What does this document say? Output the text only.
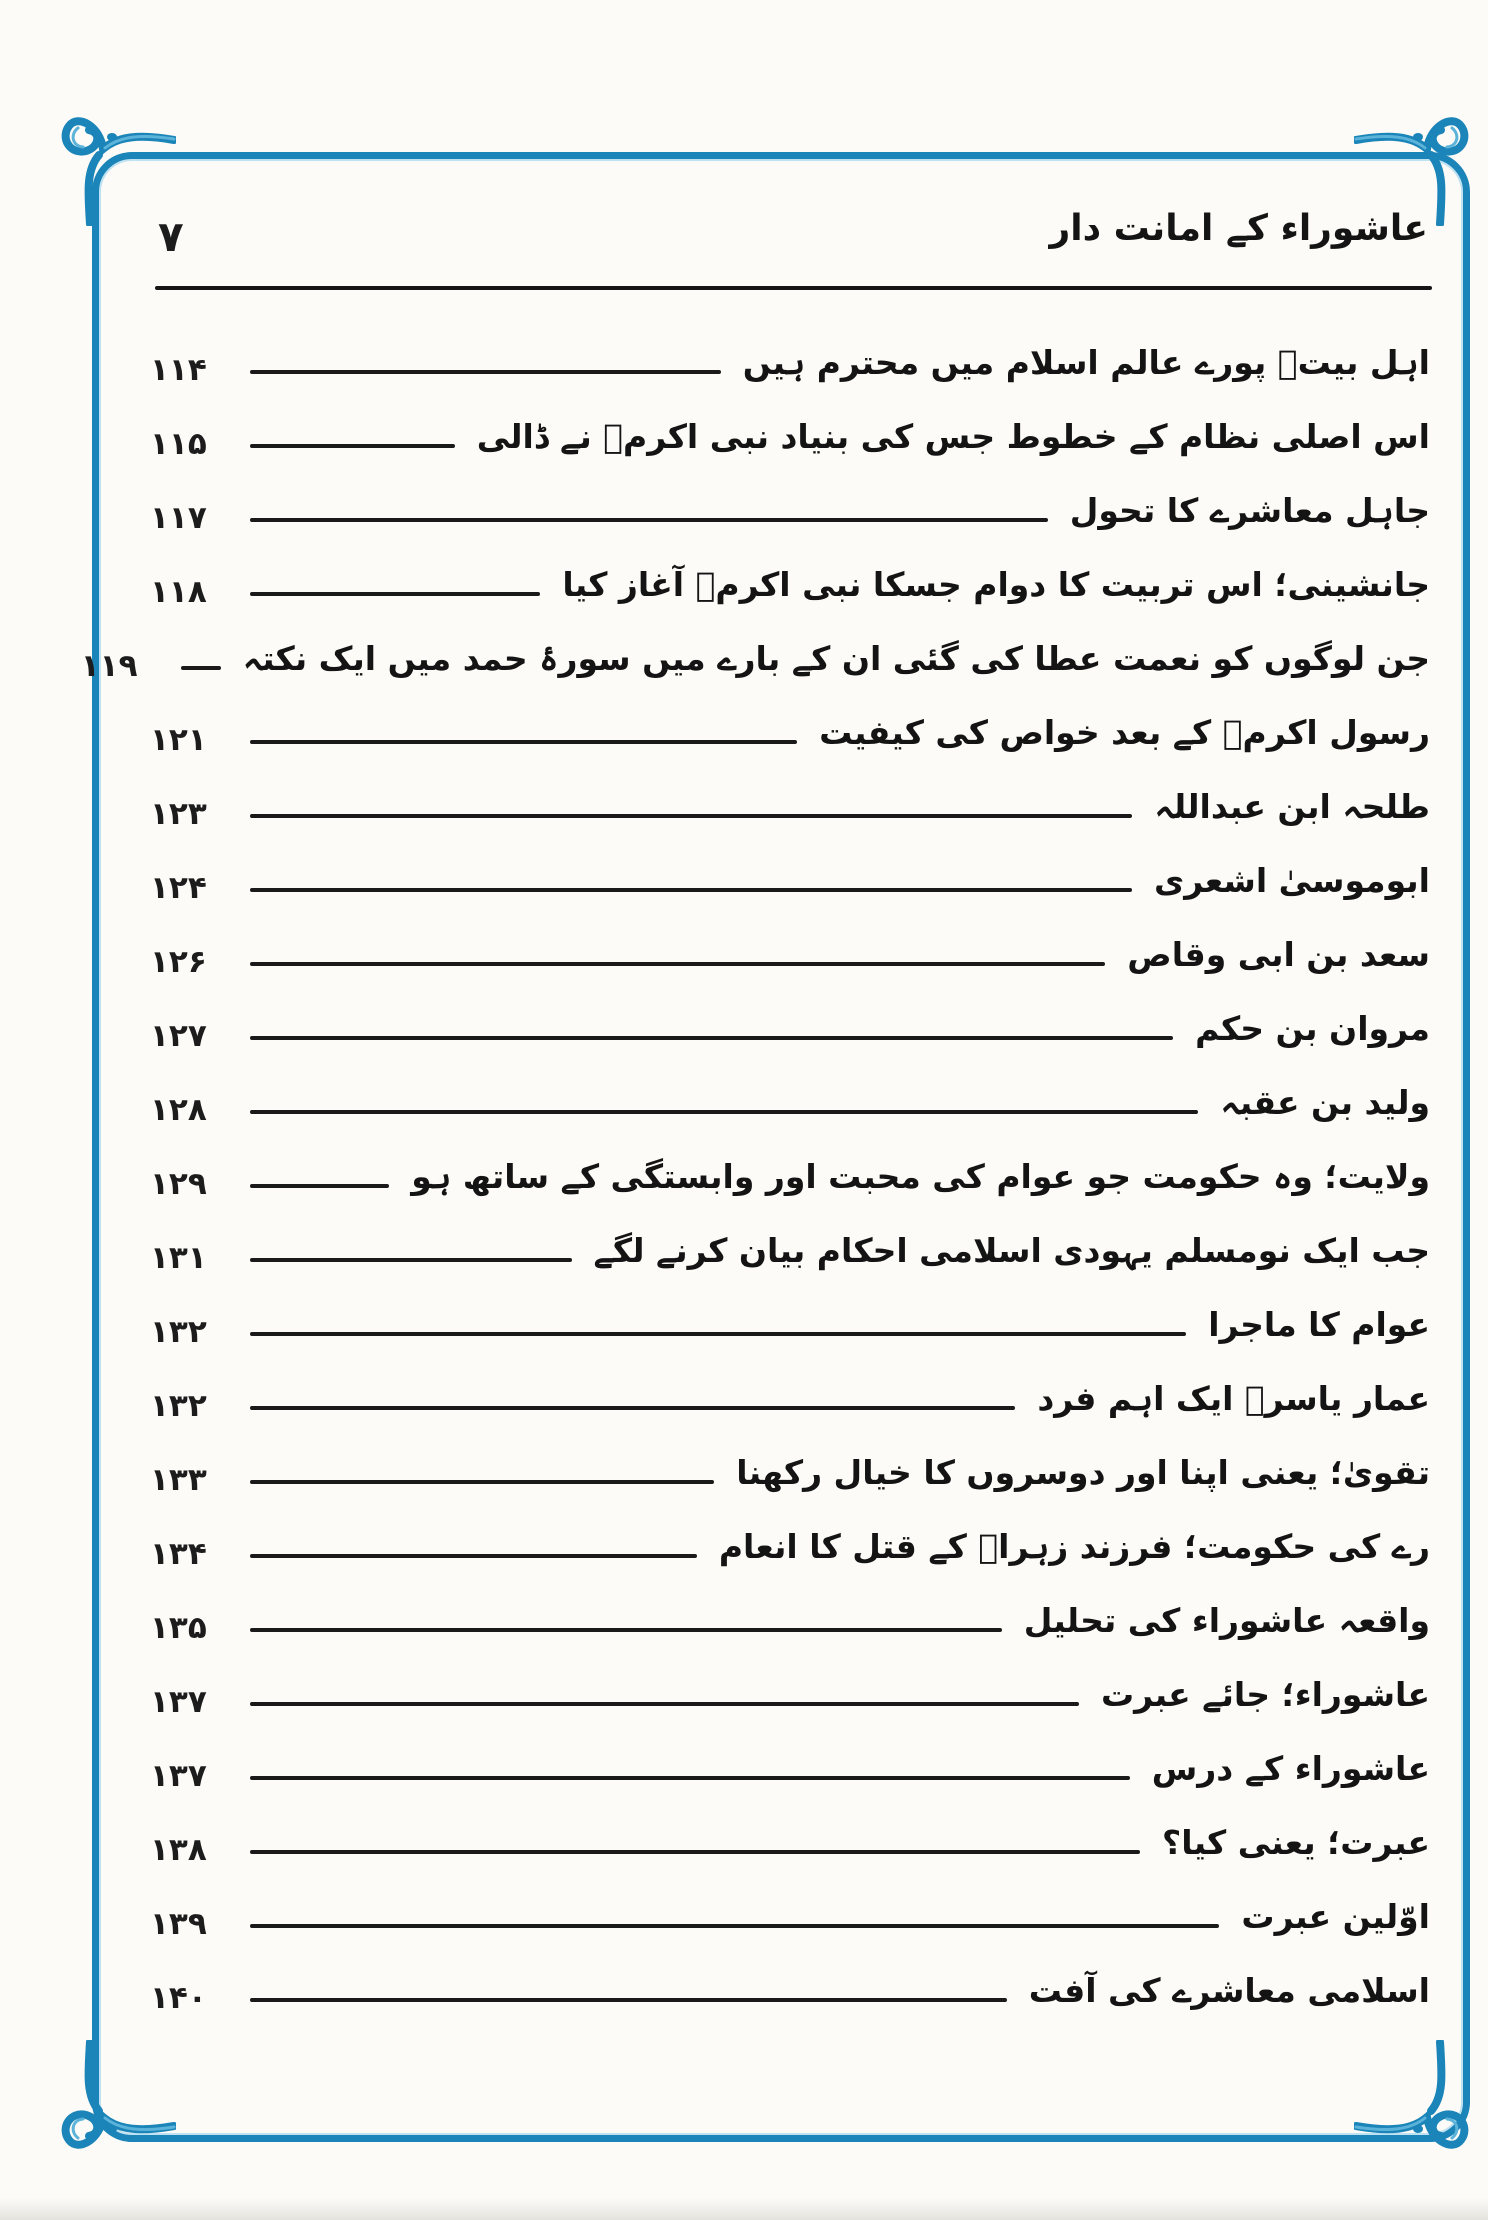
۷	عاشوراء کے امانت دار
اہل بیتؑ پورے عالم اسلام میں محترم ہیں
۱۱۴
اس اصلی نظام کے خطوط جس کی بنیاد نبی اکرمؐ نے ڈالی
۱۱۵
جاہل معاشرے کا تحول
۱۱۷
جانشینی؛ اس تربیت کا دوام جسکا نبی اکرمؐ آغاز کیا
۱۱۸
جن لوگوں کو نعمت عطا کی گئی ان کے بارے میں سورۂ حمد میں ایک نکتہ
۱۱۹
رسول اکرمؐ کے بعد خواص کی کیفیت
۱۲۱
طلحہ ابن عبداللہ
۱۲۳
ابوموسیٰ اشعری
۱۲۴
سعد بن ابی وقاص
۱۲۶
مروان بن حکم
۱۲۷
ولید بن عقبہ
۱۲۸
ولایت؛ وہ حکومت جو عوام کی محبت اور وابستگی کے ساتھ ہو
۱۲۹
جب ایک نومسلم یہودی اسلامی احکام بیان کرنے لگے
۱۳۱
عوام کا ماجرا
۱۳۲
عمار یاسرؓ ایک اہم فرد
۱۳۲
تقویٰ؛ یعنی اپنا اور دوسروں کا خیال رکھنا
۱۳۳
رے کی حکومت؛ فرزند زہراؑ کے قتل کا انعام
۱۳۴
واقعہ عاشوراء کی تحلیل
۱۳۵
عاشوراء؛ جائے عبرت
۱۳۷
عاشوراء کے درس
۱۳۷
عبرت؛ یعنی کیا؟
۱۳۸
اوّلین عبرت
۱۳۹
اسلامی معاشرے کی آفت
۱۴۰
